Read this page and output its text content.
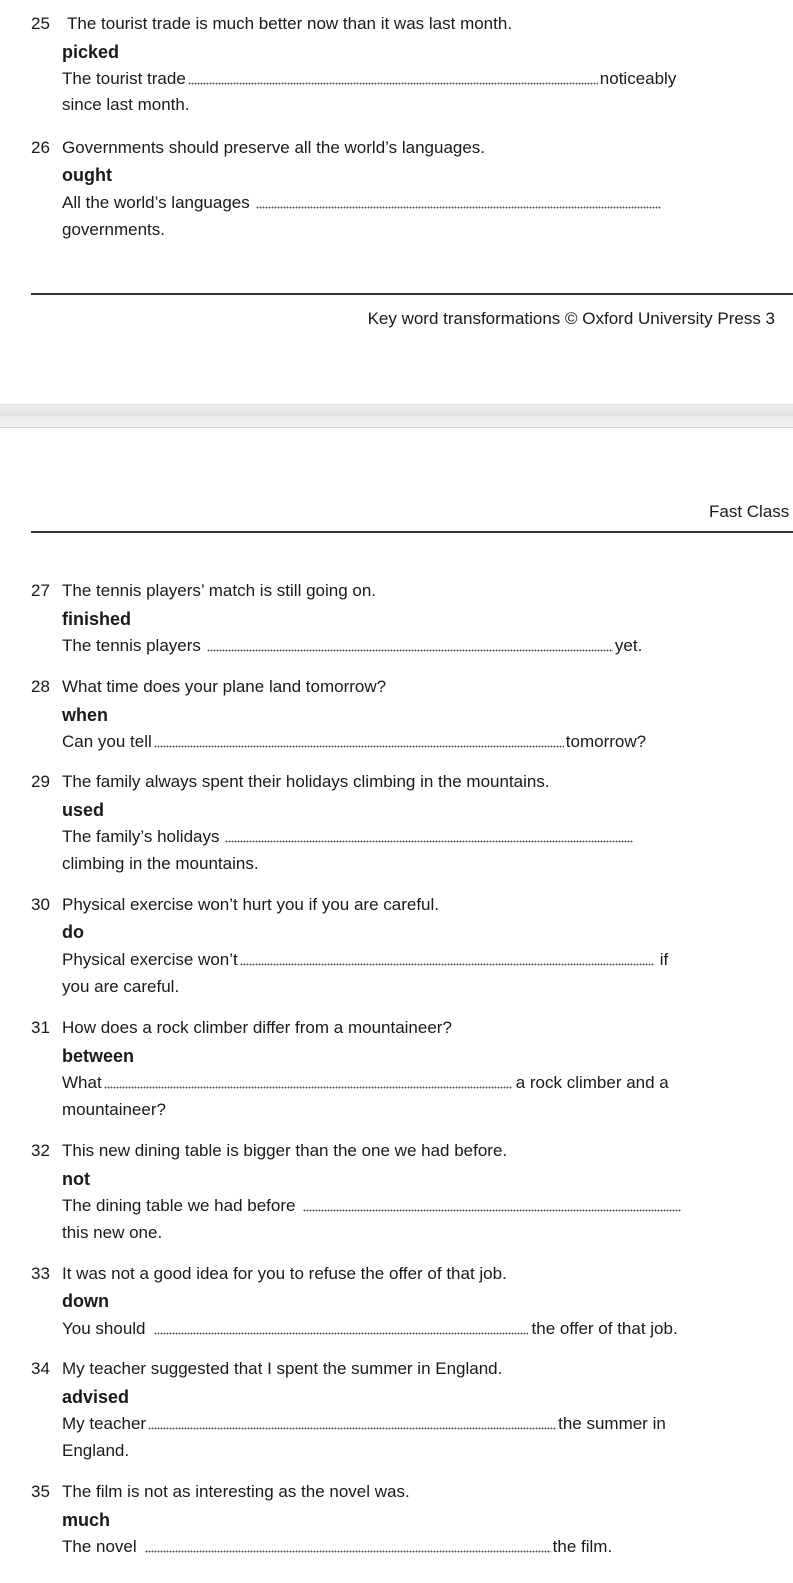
25 The tourist trade is much better now than it was last month.
picked
The tourist trade	noticeably
since last month.
26 Governments should preserve all the world’s languages.
ought
All the world’s languages
governments.
Key word transformations © Oxford University Press 3
Fast Class
27 The tennis players’ match is still going on.
finished
The tennis players	yet.
28 What time does your plane land tomorrow?
when
Can you tell	tomorrow?
29 The family always spent their holidays climbing in the mountains.
used
The family’s holidays
climbing in the mountains.
30 Physical exercise won’t hurt you if you are careful.
do
Physical exercise won’t	if
you are careful.
31 How does a rock climber differ from a mountaineer?
between
What	a rock climber and a
mountaineer?
32 This new dining table is bigger than the one we had before.
not
The dining table we had before
this new one.
33 It was not a good idea for you to refuse the offer of that job.
down
You should	the offer of that job.
34 My teacher suggested that I spent the summer in England.
advised
My teacher	the summer in
England.
35 The film is not as interesting as the novel was.
much
The novel	the film.
